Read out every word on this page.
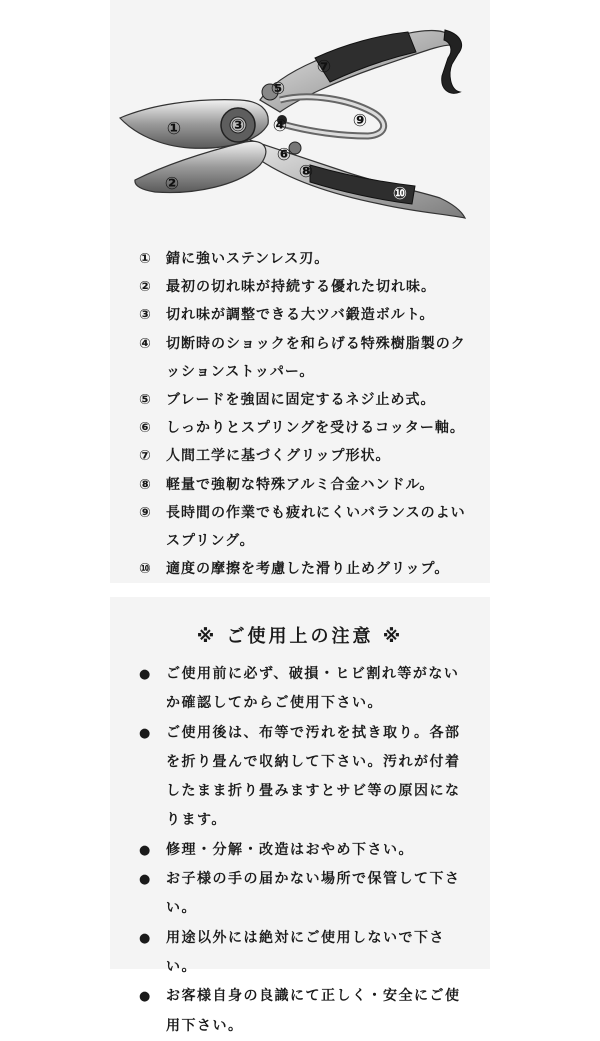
①
②
③ ④
⑤
⑥
⑦
⑧
⑨
⑩
①	錆に強いステンレス刃。
②	最初の切れ味が持続する優れた切れ味。
③	切れ味が調整できる大ツバ鍛造ボルト。
④	切断時のショックを和らげる特殊樹脂製のクッションストッパー。
⑤	ブレードを強固に固定するネジ止め式。
⑥	しっかりとスプリングを受けるコッター軸。
⑦	人間工学に基づくグリップ形状。
⑧	軽量で強靭な特殊アルミ合金ハンドル。
⑨	長時間の作業でも疲れにくいバランスのよいスプリング。
⑩	適度の摩擦を考慮した滑り止めグリップ。
※ ご使用上の注意 ※
●	ご使用前に必ず、破損・ヒビ割れ等がないか確認してからご使用下さい。
●	ご使用後は、布等で汚れを拭き取り。各部を折り畳んで収納して下さい。汚れが付着したまま折り畳みますとサビ等の原因になります。
●	修理・分解・改造はおやめ下さい。
●	お子様の手の届かない場所で保管して下さい。
●	用途以外には絶対にご使用しないで下さい。
●	お客様自身の良識にて正しく・安全にご使用下さい。
